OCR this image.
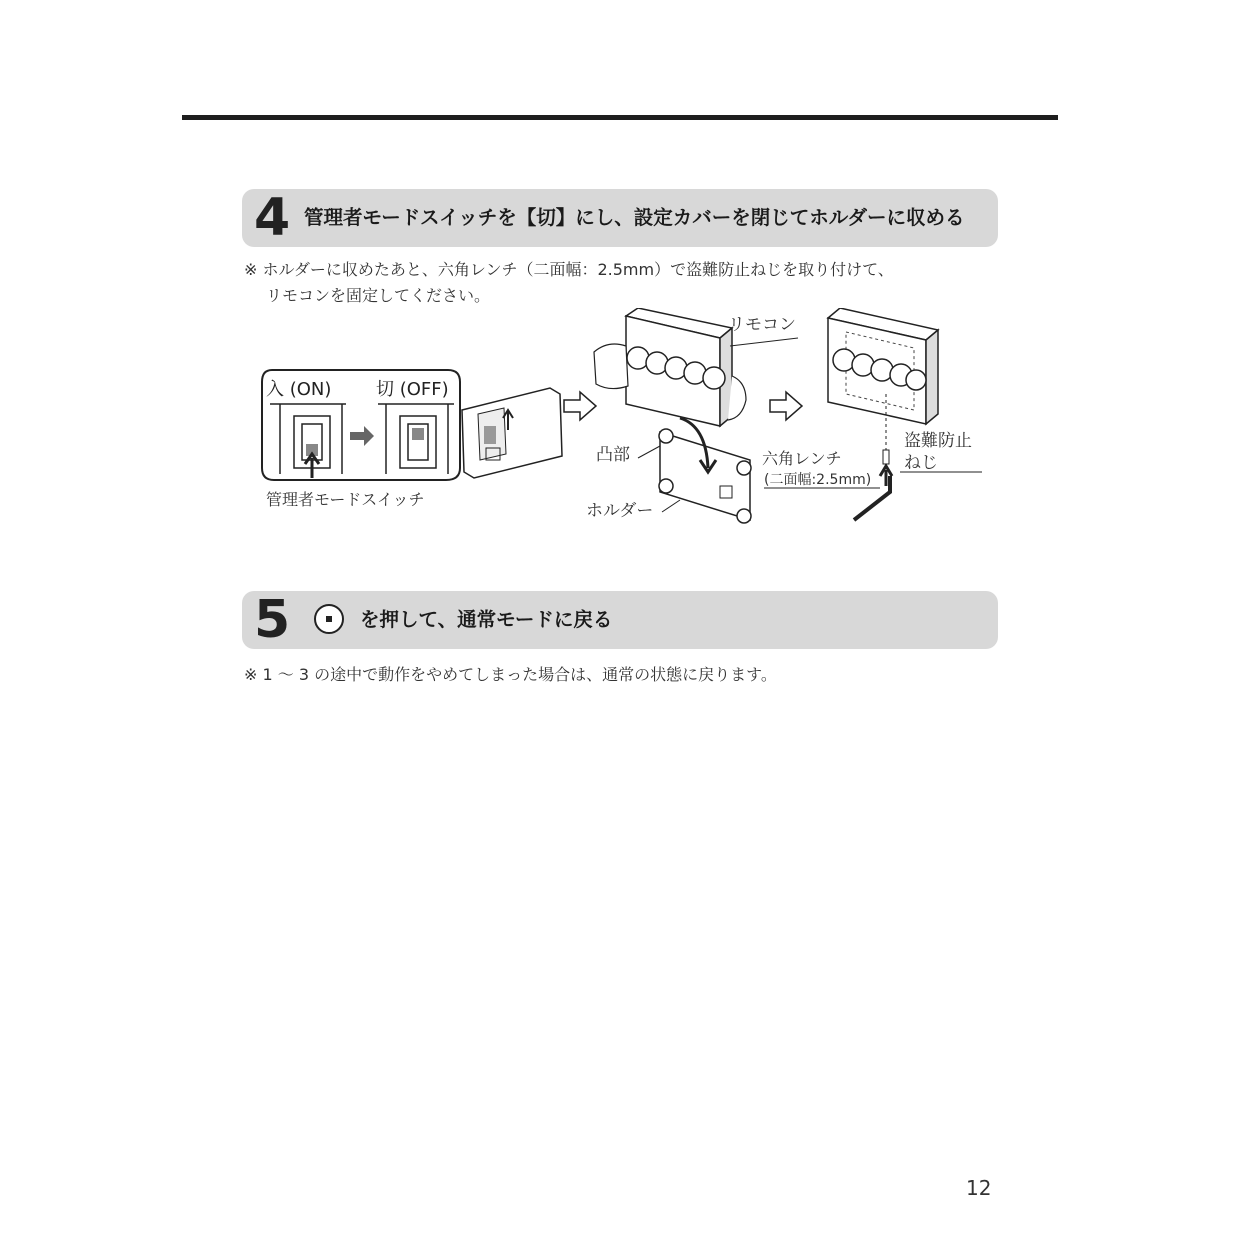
4 管理者モードスイッチを【切】にし、設定カバーを閉じてホルダーに収める
※ ホルダーに収めたあと、六角レンチ（二面幅：2.5mm）で盗難防止ねじを取り付けて、
リモコンを固定してください。
入 (ON) 切 (OFF)
管理者モードスイッチ
リモコン
凸部
ホルダー
盗難防止
ねじ
六角レンチ
(二面幅:2.5mm)
5	を押して、通常モードに戻る
※ 1 ～ 3 の途中で動作をやめてしまった場合は、通常の状態に戻ります。
12
